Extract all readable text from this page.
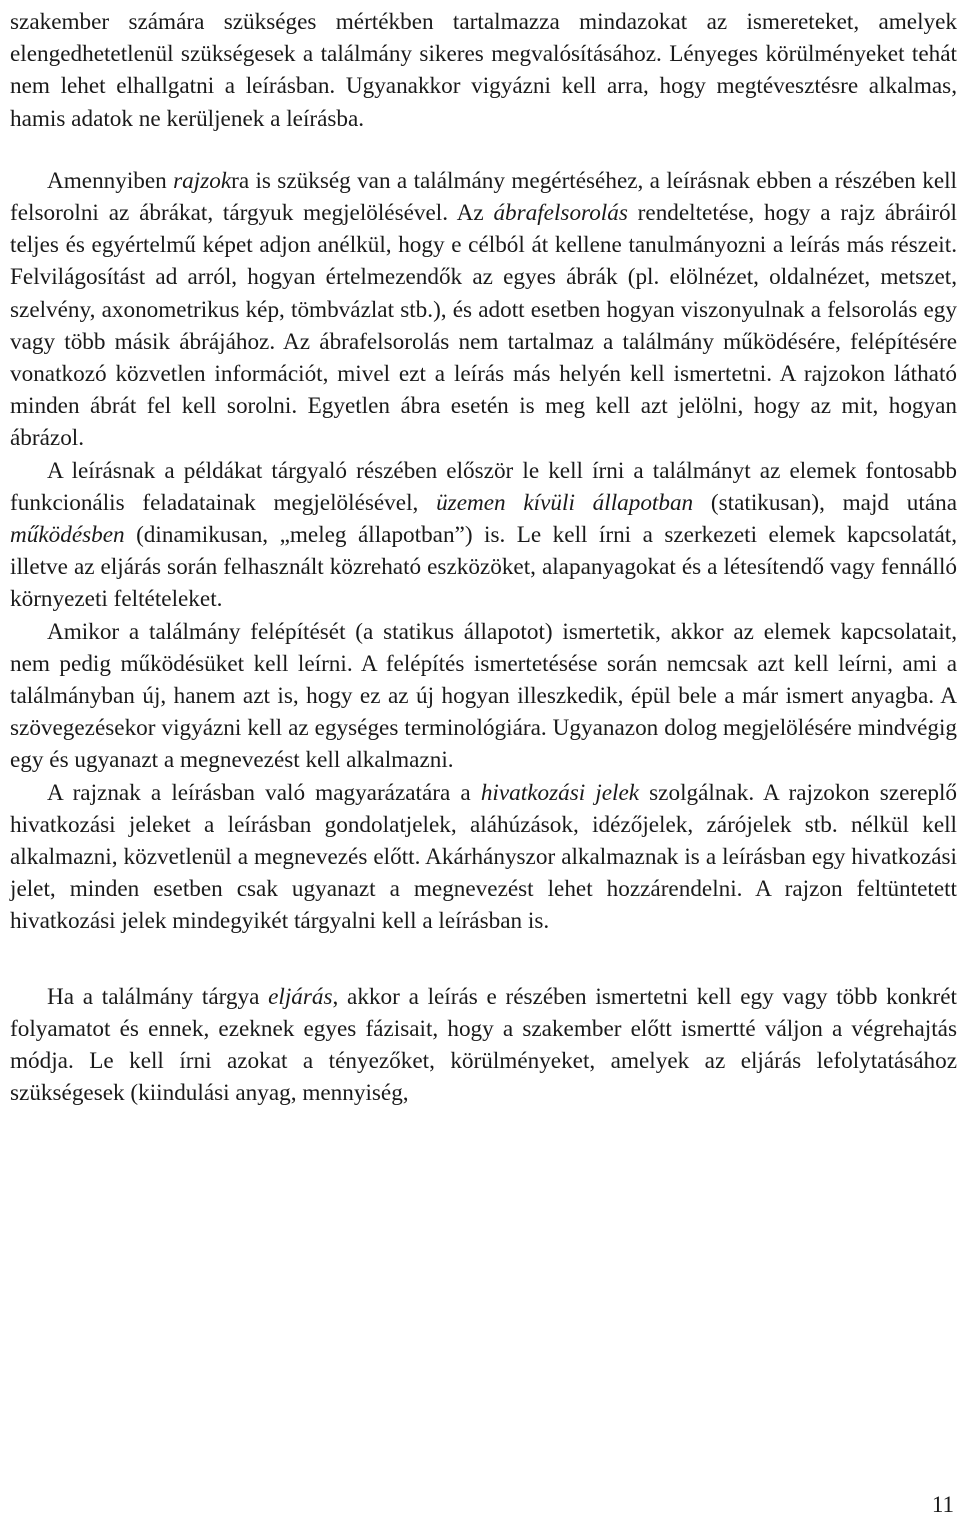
szakember számára szükséges mértékben tartalmazza mindazokat az ismereteket, amelyek elengedhetetlenül szükségesek a találmány sikeres megvalósításához. Lényeges körülményeket tehát nem lehet elhallgatni a leírásban. Ugyanakkor vigyázni kell arra, hogy megtévesztésre alkalmas, hamis adatok ne kerüljenek a leírásba.

Amennyiben rajzokra is szükség van a találmány megértéséhez, a leírásnak ebben a részében kell felsorolni az ábrákat, tárgyuk megjelölésével. Az ábrafelsorolás rendeltetése, hogy a rajz ábráiról teljes és egyértelmű képet adjon anélkül, hogy e célból át kellene tanulmányozni a leírás más részeit. Felvilágosítást ad arról, hogyan értelmezendők az egyes ábrák (pl. elölnézet, oldalnézet, metszet, szelvény, axonometrikus kép, tömbvázlat stb.), és adott esetben hogyan viszonyulnak a felsorolás egy vagy több másik ábrájához. Az ábrafelsorolás nem tartalmaz a találmány működésére, felépítésére vonatkozó közvetlen információt, mivel ezt a leírás más helyén kell ismertetni. A rajzokon látható minden ábrát fel kell sorolni. Egyetlen ábra esetén is meg kell azt jelölni, hogy az mit, hogyan ábrázol.

A leírásnak a példákat tárgyaló részében először le kell írni a találmányt az elemek fontosabb funkcionális feladatainak megjelölésével, üzemen kívüli állapotban (statikusan), majd utána működésben (dinamikusan, „meleg állapotban”) is. Le kell írni a szerkezeti elemek kapcsolatát, illetve az eljárás során felhasznált közreható eszközöket, alapanyagokat és a létesítendő vagy fennálló környezeti feltételeket.

Amikor a találmány felépítését (a statikus állapotot) ismertetik, akkor az elemek kapcsolatait, nem pedig működésüket kell leírni. A felépítés ismertetésése során nemcsak azt kell leírni, ami a találmányban új, hanem azt is, hogy ez az új hogyan illeszkedik, épül bele a már ismert anyagba. A szövegezésekor vigyázni kell az egységes terminológiára. Ugyanazon dolog megjelölésére mindvégig egy és ugyanazt a megnevezést kell alkalmazni.

A rajznak a leírásban való magyarázatára a hivatkozási jelek szolgálnak. A rajzokon szereplő hivatkozási jeleket a leírásban gondolatjelek, aláhúzások, idézőjelek, zárójelek stb. nélkül kell alkalmazni, közvetlenül a megnevezés előtt. Akárhányszor alkalmaznak is a leírásban egy hivatkozási jelet, minden esetben csak ugyanazt a megnevezést lehet hozzárendelni. A rajzon feltüntetett hivatkozási jelek mindegyikét tárgyalni kell a leírásban is.

Ha a találmány tárgya eljárás, akkor a leírás e részében ismertetni kell egy vagy több konkrét folyamatot és ennek, ezeknek egyes fázisait, hogy a szakember előtt ismertté váljon a végrehajtás módja. Le kell írni azokat a tényezőket, körülményeket, amelyek az eljárás lefolytatásához szükségesek (kiindulási anyag, mennyiség,

11
